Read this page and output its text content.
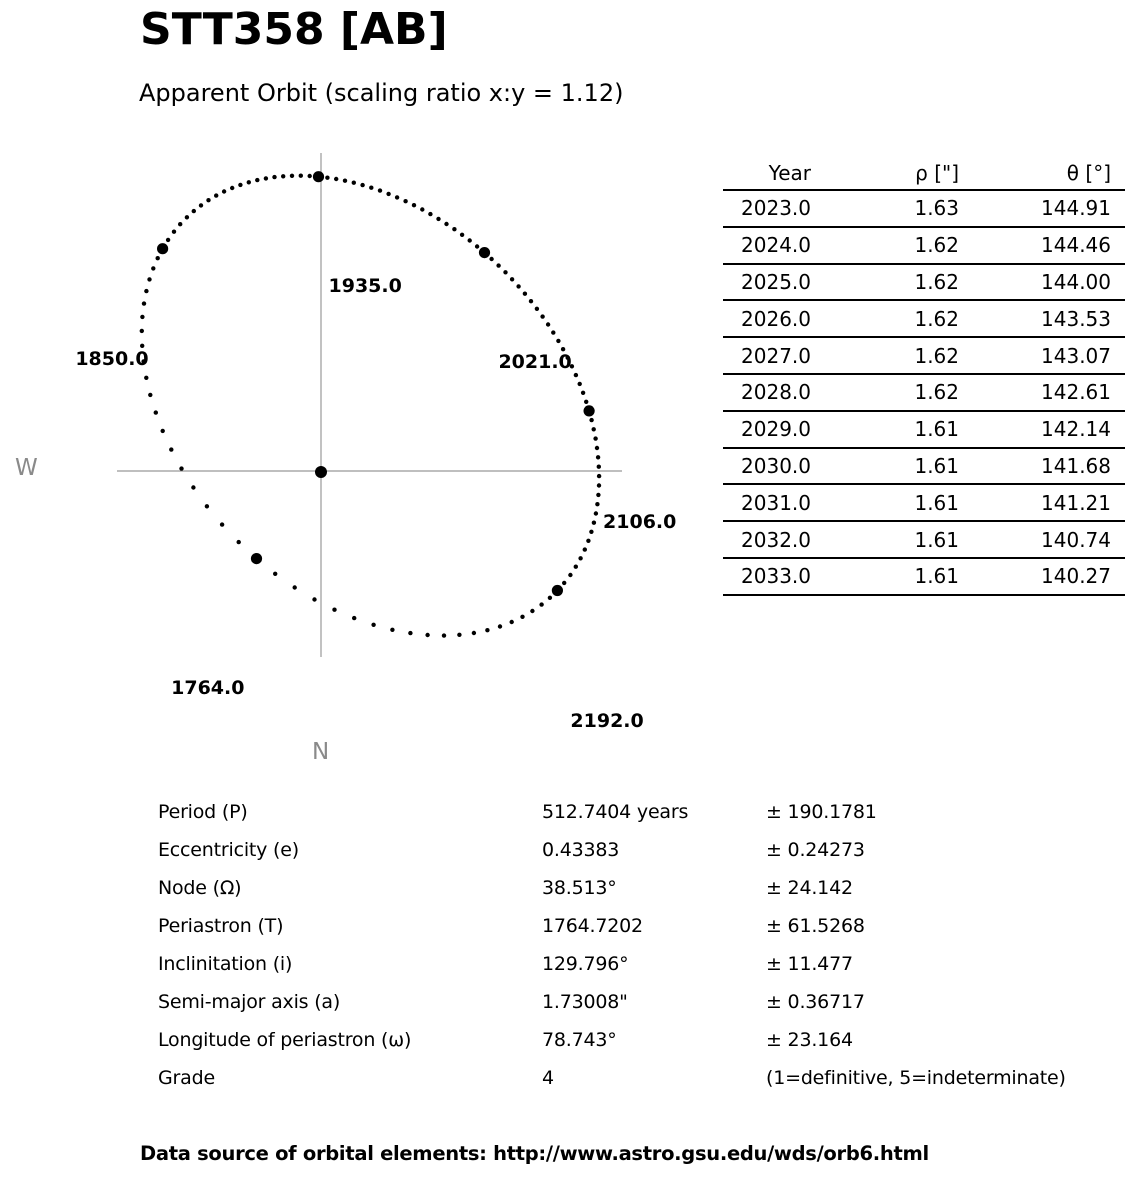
STT358 [AB]
Apparent Orbit (scaling ratio x:y = 1.12)
1764.0
1850.0
1935.0
2021.0
2106.0
2192.0
W
N
Year	ρ ["]	θ [°]
2023.0	1.63	144.91
2024.0	1.62	144.46
2025.0	1.62	144.00
2026.0	1.62	143.53
2027.0	1.62	143.07
2028.0	1.62	142.61
2029.0	1.61	142.14
2030.0	1.61	141.68
2031.0	1.61	141.21
2032.0	1.61	140.74
2033.0	1.61	140.27
Period (P)	512.7404 years	± 190.1781
Eccentricity (e)	0.43383	± 0.24273
Node (Ω)	38.513°	± 24.142
Periastron (T)	1764.7202	± 61.5268
Inclinitation (i)	129.796°	± 11.477
Semi-major axis (a)	1.73008"	± 0.36717
Longitude of periastron (ω)	78.743°	± 23.164
Grade	4	(1=definitive, 5=indeterminate)
Data source of orbital elements: http://www.astro.gsu.edu/wds/orb6.html
